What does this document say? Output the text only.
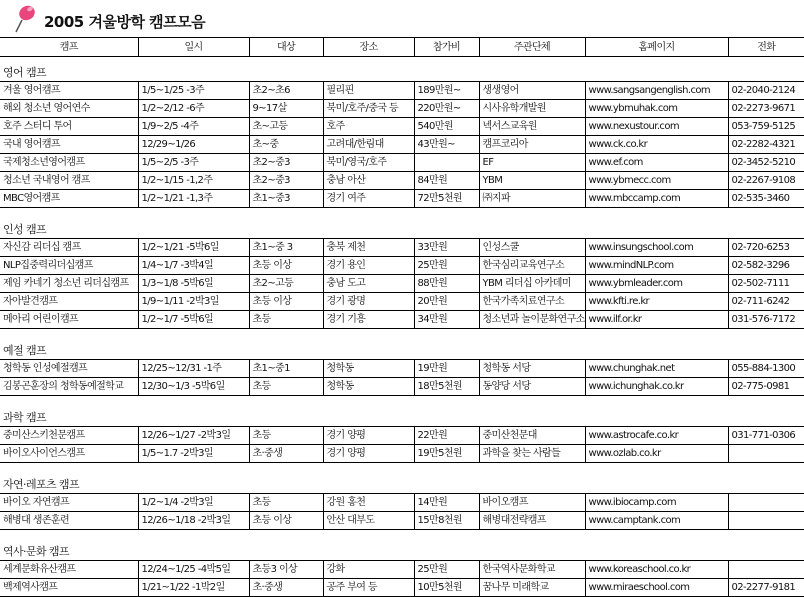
2005 겨울방학 캠프모음
캠프	일시	대상	장소	참가비	주관단체	홈페이지	전화
영어 캠프							
겨울 영어캠프	1/5~1/25 -3주	초2~초6	필리핀	189만원~	생생영어	www.sangsangenglish.com	02-2040-2124
해외 청소년 영어연수	1/2~2/12 -6주	9~17살	북미/호주/중국 등	220만원~	시사유학개발원	www.ybmuhak.com	02-2273-9671
호주 스터디 투어	1/9~2/5 -4주	초~고등	호주	540만원	넥서스교육원	www.nexustour.com	053-759-5125
국내 영어캠프	12/29~1/26	초~중	고려대/한림대	43만원~	캠프코리아	www.ck.co.kr	02-2282-4321
국제청소년영어캠프	1/5~2/5 -3주	초2~중3	북미/영국/호주		EF	www.ef.com	02-3452-5210
청소년 국내영어 캠프	1/2~1/15 -1,2주	초2~중3	충남 아산	84만원	YBM	www.ybmecc.com	02-2267-9108
MBC영어캠프	1/2~1/21 -1,3주	초1~중3	경기 여주	72만5천원	㈜지파	www.mbccamp.com	02-535-3460

인성 캠프							
자신감 리더십 캠프	1/2~1/21 -5박6일	초1~중 3	충북 제천	33만원	인성스쿨	www.insungschool.com	02-720-6253
NLP집중력리더십캠프	1/4~1/7 -3박4일	초등 이상	경기 용인	25만원	한국심리교육연구소	www.mindNLP.com	02-582-3296
제임 카네기 청소년 리더십캠프	1/3~1/8 -5박6일	초2~고등	충남 도고	88만원	YBM 리더십 아카데미	www.ybmleader.com	02-502-7111
자아발견캠프	1/9~1/11 -2박3일	초등 이상	경기 광명	20만원	한국가족치료연구소	www.kfti.re.kr	02-711-6242
메아리 어린이캠프	1/2~1/7 -5박6일	초등	경기 기흥	34만원	청소년과 놀이문화연구소	www.ilf.or.kr	031-576-7172

예절 캠프							
청학동 인성예절캠프	12/25~12/31 -1주	초1~중1	청학동	19만원	청학동 서당	www.chunghak.net	055-884-1300
김봉곤훈장의 청학동예절학교	12/30~1/3 -5박6일	초등	청학동	18만5천원	동양당 서당	www.ichunghak.co.kr	02-775-0981

과학 캠프							
중미산스키천문캠프	12/26~1/27 -2박3일	초등	경기 양평	22만원	중미산천문대	www.astrocafe.co.kr	031-771-0306
바이오사이언스캠프	1/5~1.7 -2박3일	초·중생	경기 양평	19만5천원	과학을 찾는 사람들	www.ozlab.co.kr	

자연·레포츠 캠프							
바이오 자연캠프	1/2~1/4 -2박3일	초등	강원 홍천	14만원	바이오캠프	www.ibiocamp.com	
해병대 생존훈련	12/26~1/18 -2박3일	초등 이상	안산 대부도	15만8천원	해병대전략캠프	www.camptank.com	

역사·문화 캠프							
세계문화유산캠프	12/24~1/25 -4박5일	초등3 이상	강화	25만원	한국역사문화학교	www.koreaschool.co.kr	
백제역사캠프	1/21~1/22 -1박2일	초·중생	공주 부여 등	10만5천원	꿈나무 미래학교	www.miraeschool.com	02-2277-9181
